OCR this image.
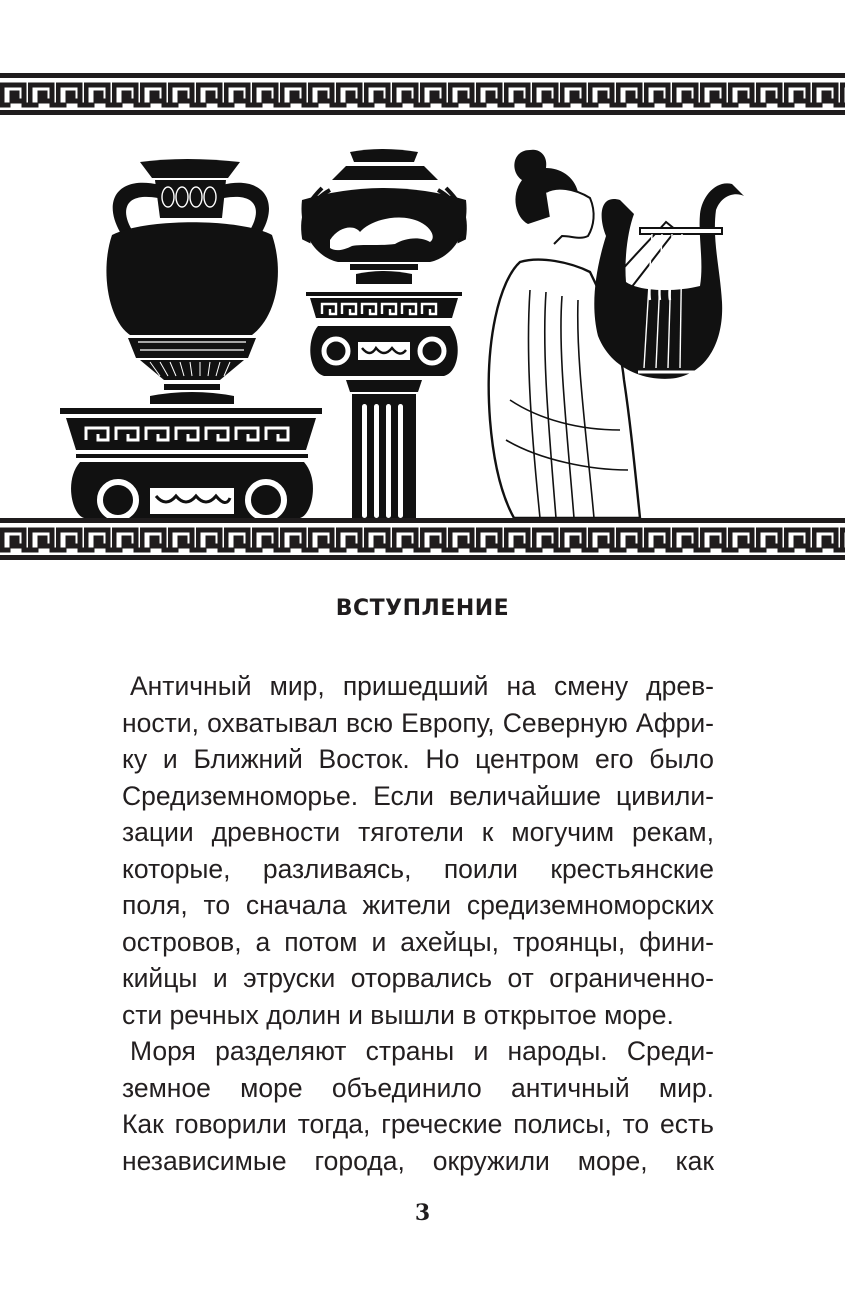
ВСТУПЛЕНИЕ
Античный мир, пришедший на смену древ-
ности, охватывал всю Европу, Северную Афри-
ку и Ближний Восток. Но центром его было
Средиземноморье. Если величайшие цивили-
зации древности тяготели к могучим рекам,
которые, разливаясь, поили крестьянские
поля, то сначала жители средиземноморских
островов, а потом и ахейцы, троянцы, фини-
кийцы и этруски оторвались от ограниченно-
сти речных долин и вышли в открытое море.
Моря разделяют страны и народы. Среди-
земное море объединило античный мир.
Как говорили тогда, греческие полисы, то есть
независимые города, окружили море, как
3
